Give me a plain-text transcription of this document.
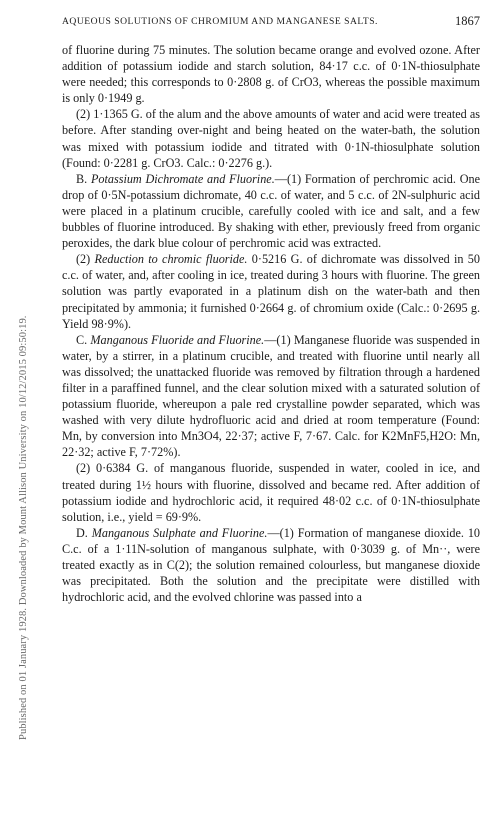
Published on 01 January 1928. Downloaded by Mount Allison University on 10/12/2015 09:50:19.
AQUEOUS SOLUTIONS OF CHROMIUM AND MANGANESE SALTS.	1867

of fluorine during 75 minutes. The solution became orange and evolved ozone. After addition of potassium iodide and starch solution, 84·17 c.c. of 0·1N-thiosulphate were needed; this corresponds to 0·2808 g. of CrO3, whereas the possible maximum is only 0·1949 g.

(2) 1·1365 G. of the alum and the above amounts of water and acid were treated as before. After standing over-night and being heated on the water-bath, the solution was mixed with potassium iodide and titrated with 0·1N-thiosulphate solution (Found: 0·2281 g. CrO3. Calc.: 0·2276 g.).

B. Potassium Dichromate and Fluorine.—(1) Formation of perchromic acid. One drop of 0·5N-potassium dichromate, 40 c.c. of water, and 5 c.c. of 2N-sulphuric acid were placed in a platinum crucible, carefully cooled with ice and salt, and a few bubbles of fluorine introduced. By shaking with ether, previously freed from organic peroxides, the dark blue colour of perchromic acid was extracted.

(2) Reduction to chromic fluoride. 0·5216 G. of dichromate was dissolved in 50 c.c. of water, and, after cooling in ice, treated during 3 hours with fluorine. The green solution was partly evaporated in a platinum dish on the water-bath and then precipitated by ammonia; it furnished 0·2664 g. of chromium oxide (Calc.: 0·2695 g. Yield 98·9%).

C. Manganous Fluoride and Fluorine.—(1) Manganese fluoride was suspended in water, by a stirrer, in a platinum crucible, and treated with fluorine until nearly all was dissolved; the unattacked fluoride was removed by filtration through a hardened filter in a paraffined funnel, and the clear solution mixed with a saturated solution of potassium fluoride, whereupon a pale red crystalline powder separated, which was washed with very dilute hydrofluoric acid and dried at room temperature (Found: Mn, by conversion into Mn3O4, 22·37; active F, 7·67. Calc. for K2MnF5,H2O: Mn, 22·32; active F, 7·72%).

(2) 0·6384 G. of manganous fluoride, suspended in water, cooled in ice, and treated during 1½ hours with fluorine, dissolved and became red. After addition of potassium iodide and hydrochloric acid, it required 48·02 c.c. of 0·1N-thiosulphate solution, i.e., yield = 69·9%.

D. Manganous Sulphate and Fluorine.—(1) Formation of manganese dioxide. 10 C.c. of a 1·11N-solution of manganous sulphate, with 0·3039 g. of Mn··, were treated exactly as in C(2); the solution remained colourless, but manganese dioxide was precipitated. Both the solution and the precipitate were distilled with hydrochloric acid, and the evolved chlorine was passed into a
